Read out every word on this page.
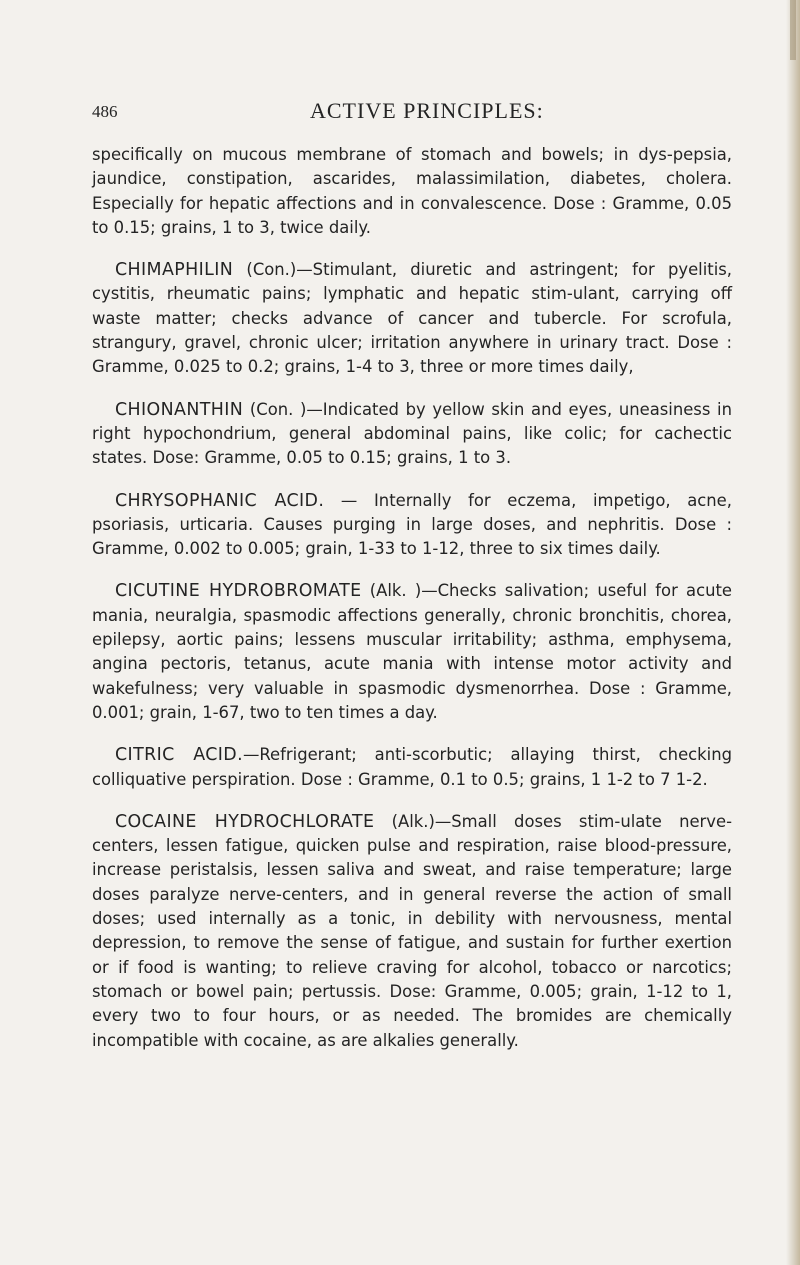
486	ACTIVE PRINCIPLES:

specifically on mucous membrane of stomach and bowels; in dys-pepsia, jaundice, constipation, ascarides, malassimilation, diabetes, cholera. Especially for hepatic affections and in convalescence. Dose : Gramme, 0.05 to 0.15; grains, 1 to 3, twice daily.

CHIMAPHILIN (Con.)—Stimulant, diuretic and astringent; for pyelitis, cystitis, rheumatic pains; lymphatic and hepatic stim-ulant, carrying off waste matter; checks advance of cancer and tubercle. For scrofula, strangury, gravel, chronic ulcer; irritation anywhere in urinary tract. Dose : Gramme, 0.025 to 0.2; grains, 1-4 to 3, three or more times daily,

CHIONANTHIN (Con. )—Indicated by yellow skin and eyes, uneasiness in right hypochondrium, general abdominal pains, like colic; for cachectic states. Dose: Gramme, 0.05 to 0.15; grains, 1 to 3.

CHRYSOPHANIC ACID. — Internally for eczema, impetigo, acne, psoriasis, urticaria. Causes purging in large doses, and nephritis. Dose : Gramme, 0.002 to 0.005; grain, 1-33 to 1-12, three to six times daily.

CICUTINE HYDROBROMATE (Alk. )—Checks salivation; useful for acute mania, neuralgia, spasmodic affections generally, chronic bronchitis, chorea, epilepsy, aortic pains; lessens muscular irritability; asthma, emphysema, angina pectoris, tetanus, acute mania with intense motor activity and wakefulness; very valuable in spasmodic dysmenorrhea. Dose : Gramme, 0.001; grain, 1-67, two to ten times a day.

CITRIC ACID.—Refrigerant; anti-scorbutic; allaying thirst, checking colliquative perspiration. Dose : Gramme, 0.1 to 0.5; grains, 1 1-2 to 7 1-2.

COCAINE HYDROCHLORATE (Alk.)—Small doses stim-ulate nerve-centers, lessen fatigue, quicken pulse and respiration, raise blood-pressure, increase peristalsis, lessen saliva and sweat, and raise temperature; large doses paralyze nerve-centers, and in general reverse the action of small doses; used internally as a tonic, in debility with nervousness, mental depression, to remove the sense of fatigue, and sustain for further exertion or if food is wanting; to relieve craving for alcohol, tobacco or narcotics; stomach or bowel pain; pertussis. Dose: Gramme, 0.005; grain, 1-12 to 1, every two to four hours, or as needed. The bromides are chemically incompatible with cocaine, as are alkalies generally.
